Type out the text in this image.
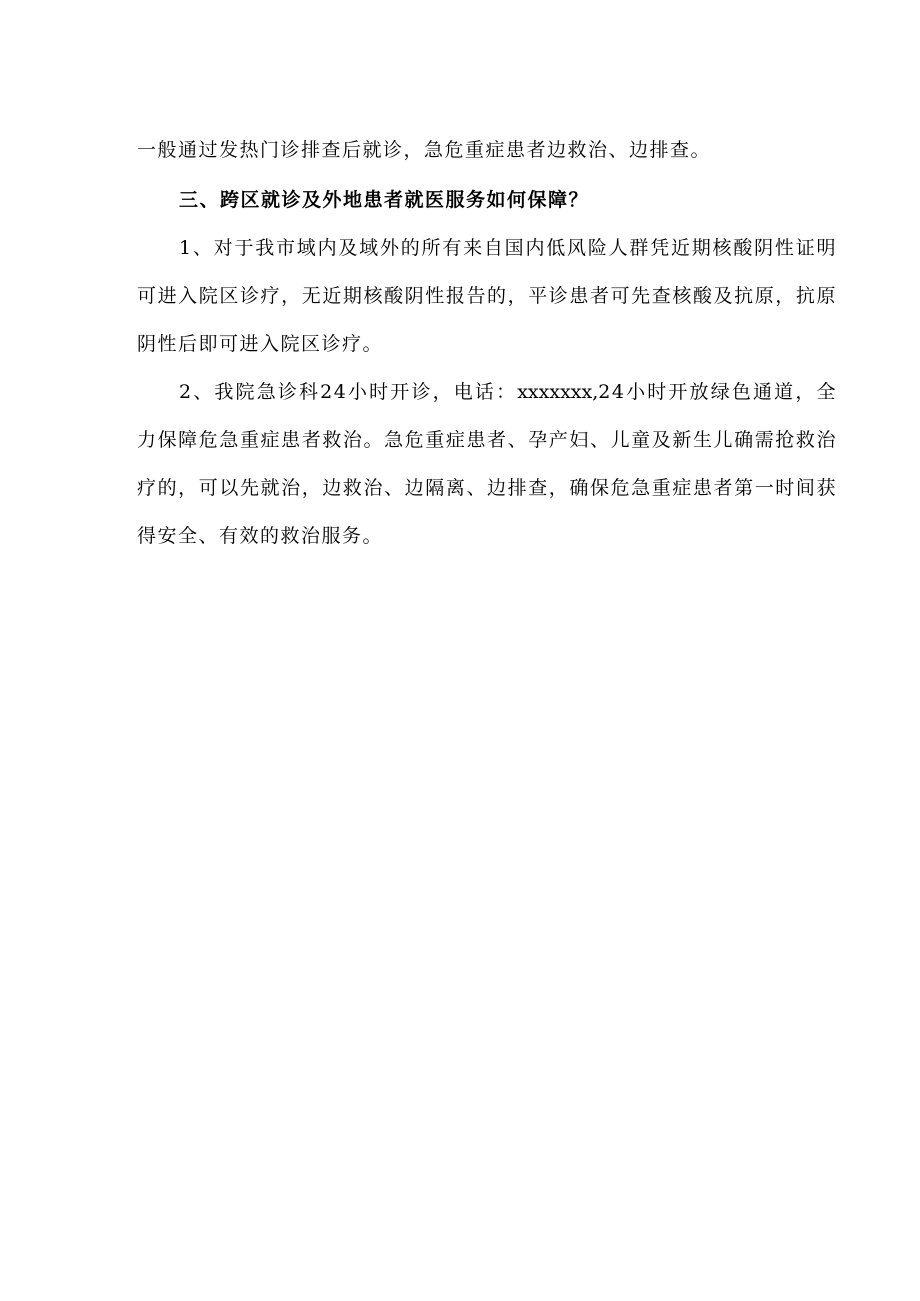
一般通过发热门诊排查后就诊，急危重症患者边救治、边排查。

三、跨区就诊及外地患者就医服务如何保障？

1、对于我市域内及域外的所有来自国内低风险人群凭近期核酸阴性证明可进入院区诊疗，无近期核酸阴性报告的，平诊患者可先查核酸及抗原，抗原阴性后即可进入院区诊疗。

2、我院急诊科24小时开诊，电话：xxxxxxx,24小时开放绿色通道，全力保障危急重症患者救治。急危重症患者、孕产妇、儿童及新生儿确需抢救治疗的，可以先就治，边救治、边隔离、边排查，确保危急重症患者第一时间获得安全、有效的救治服务。
